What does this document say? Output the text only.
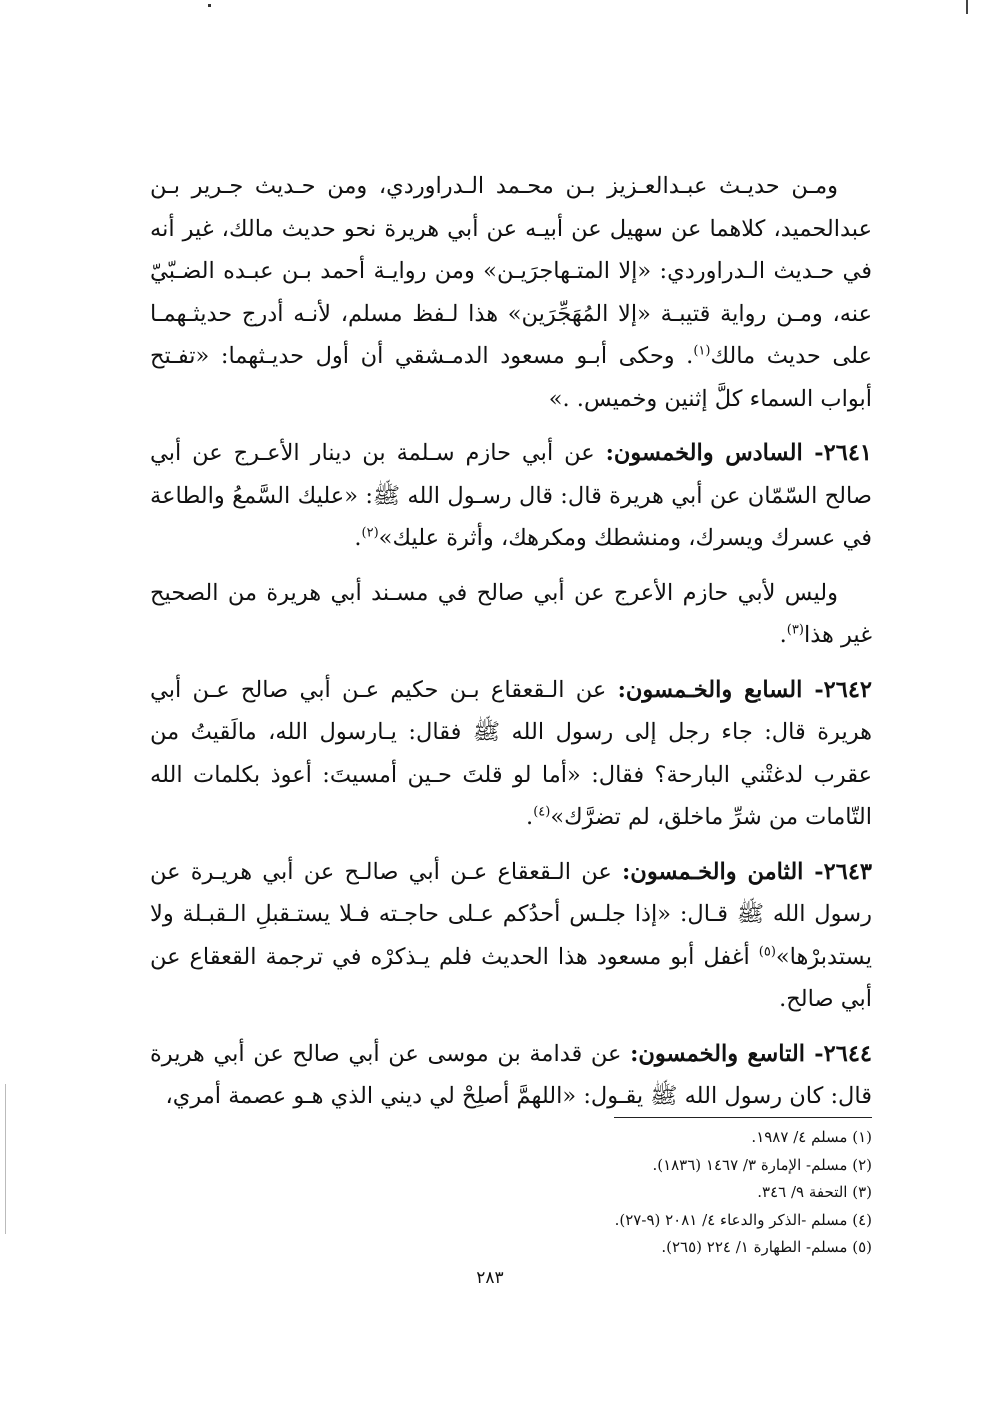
ومـن حديـث عبـدالعـزيز بـن محـمد الـدراوردي، ومن حـديث جـرير بـن عبدالحميد، كلاهما عن سهيل عن أبيـه عن أبي هريرة نحو حديث مالك، غير أنه في حـديث الـدراوردي: «إلا المتـهاجرَيـن» ومن روايـة أحمد بـن عبـده الضـبّيّ عنه، ومـن رواية قتيبـة «إلا المُهَجِّرَين» هذا لـفظ مسلم، لأنـه أدرج حديثـهمـا على حديث مالك$^{(١)}$. وحكى أبـو مسعود الدمـشقي أن أول حديـثهما: «تفـتح أبواب السماء كلَّ إثنين وخميس. .»

٢٦٤١- السادس والخمسون: عن أبي حازم سـلمة بن دينار الأعـرج عن أبي صالح السّمّان عن أبي هريرة قال: قال رسـول الله ﷺ: «عليك السَّمعُ والطاعة في عسرك ويسرك، ومنشطك ومكرهك، وأثرة عليك»$^{(٢)}$.

وليس لأبي حازم الأعرج عن أبي صالح في مسـند أبي هريرة من الصحيح غير هذا$^{(٣)}$.

٢٦٤٢- السابع والخـمسون: عن الـقعقاع بـن حكيم عـن أبي صالح عـن أبي هريرة قال: جاء رجل إلى رسول الله ﷺ فقال: يـارسول الله، مالَقيتُ من عقرب لدغتْني البارحة؟ فقال: «أما لو قلتَ حـين أمسيتَ: أعوذ بكلمات الله التّامات من شرِّ ماخلق، لم تضرَّك»$^{(٤)}$.

٢٦٤٣- الثامن والخـمسون: عن الـقعقاع عـن أبي صالـح عن أبي هريـرة عن رسول الله ﷺ قـال: «إذا جلـس أحدُكم عـلى حاجـته فـلا يستـقبلِ الـقبـلة ولا يستدبرْها»$^{(٥)}$ أغفل أبو مسعود هذا الحديث فلم يـذكرْه في ترجمة القعقاع عن أبي صالح.

٢٦٤٤- التاسع والخمسون: عن قدامة بن موسى عن أبي صالح عن أبي هريرة قال: كان رسول الله ﷺ يقـول: «اللهمَّ أصلِحْ لي ديني الذي هـو عصمة أمري،

(١) مسلم ٤/ ١٩٨٧.
(٢) مسلم- الإمارة ٣/ ١٤٦٧ (١٨٣٦).
(٣) التحفة ٩/ ٣٤٦.
(٤) مسلم -الذكر والدعاء ٤/ ٢٠٨١ (٩-٢٧).
(٥) مسلم- الطهارة ١/ ٢٢٤ (٢٦٥).
٢٨٣
